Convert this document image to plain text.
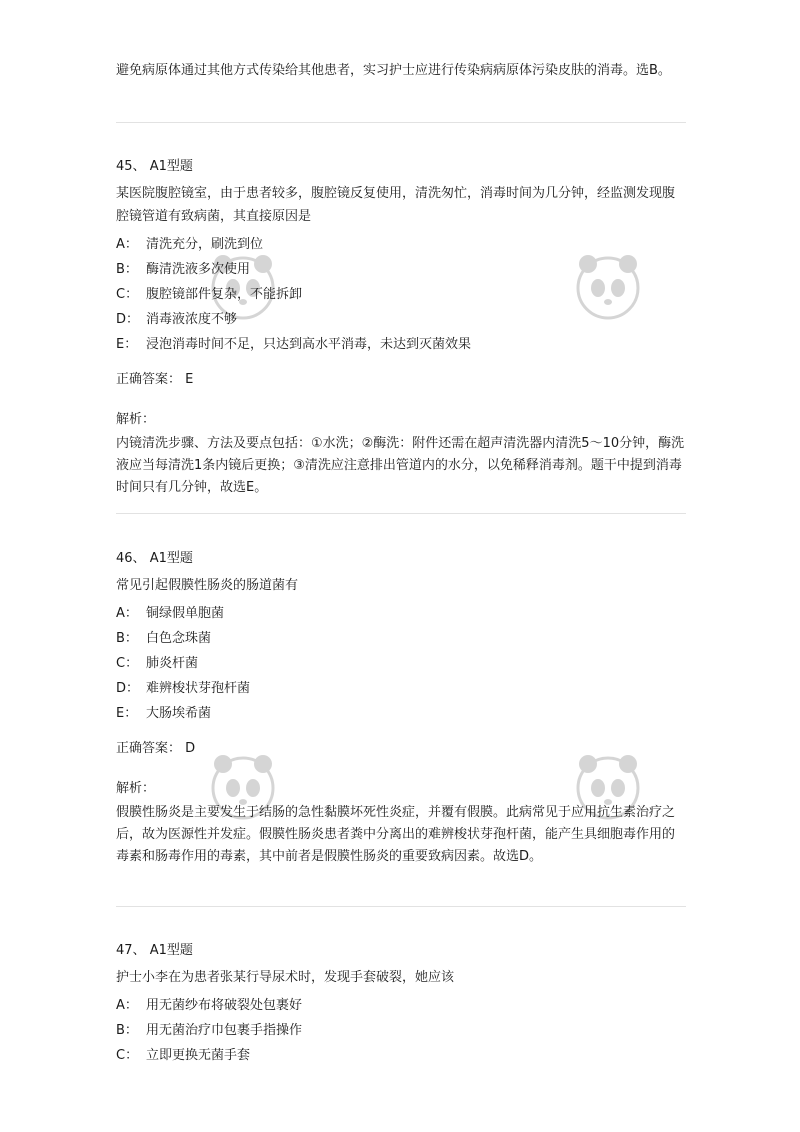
避免病原体通过其他方式传染给其他患者，实习护士应进行传染病病原体污染皮肤的消毒。选B。

45、 A1型题
某医院腹腔镜室，由于患者较多，腹腔镜反复使用，清洗匆忙，消毒时间为几分钟，经监测发现腹腔镜管道有致病菌，其直接原因是
A： 清洗充分，刷洗到位
B： 酶清洗液多次使用
C： 腹腔镜部件复杂，不能拆卸
D： 消毒液浓度不够
E： 浸泡消毒时间不足，只达到高水平消毒，未达到灭菌效果
正确答案： E
解析：
内镜清洗步骤、方法及要点包括：①水洗；②酶洗：附件还需在超声清洗器内清洗5～10分钟，酶洗液应当每清洗1条内镜后更换；③清洗应注意排出管道内的水分，以免稀释消毒剂。题干中提到消毒时间只有几分钟，故选E。
46、 A1型题
常见引起假膜性肠炎的肠道菌有
A： 铜绿假单胞菌
B： 白色念珠菌
C： 肺炎杆菌
D： 难辨梭状芽孢杆菌
E： 大肠埃希菌
正确答案： D
解析：
假膜性肠炎是主要发生于结肠的急性黏膜坏死性炎症，并覆有假膜。此病常见于应用抗生素治疗之后，故为医源性并发症。假膜性肠炎患者粪中分离出的难辨梭状芽孢杆菌，能产生具细胞毒作用的毒素和肠毒作用的毒素，其中前者是假膜性肠炎的重要致病因素。故选D。
47、 A1型题
护士小李在为患者张某行导尿术时，发现手套破裂，她应该
A： 用无菌纱布将破裂处包裹好
B： 用无菌治疗巾包裹手指操作
C： 立即更换无菌手套
